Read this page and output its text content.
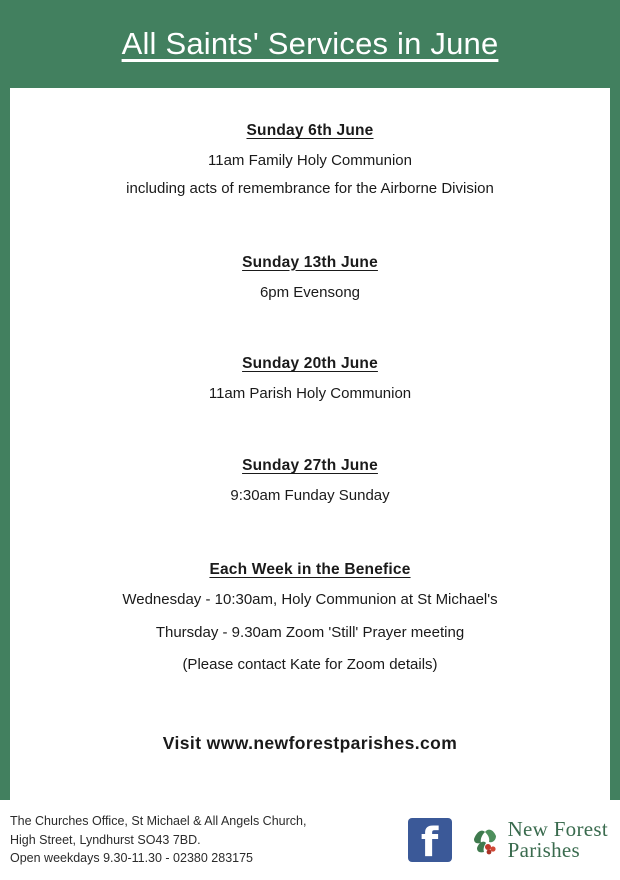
All Saints' Services in June
Sunday 6th June
11am Family Holy Communion
including acts of remembrance for the Airborne Division
Sunday 13th June
6pm Evensong
Sunday 20th June
11am Parish Holy Communion
Sunday 27th June
9:30am Funday Sunday
Each Week in the Benefice
Wednesday - 10:30am, Holy Communion at St Michael's
Thursday - 9.30am Zoom 'Still' Prayer meeting
(Please contact Kate for Zoom details)
Visit www.newforestparishes.com
The Churches Office, St Michael & All Angels Church,
High Street, Lyndhurst SO43 7BD.
Open weekdays 9.30-11.30 - 02380 283175	f	New Forest
Parishes
